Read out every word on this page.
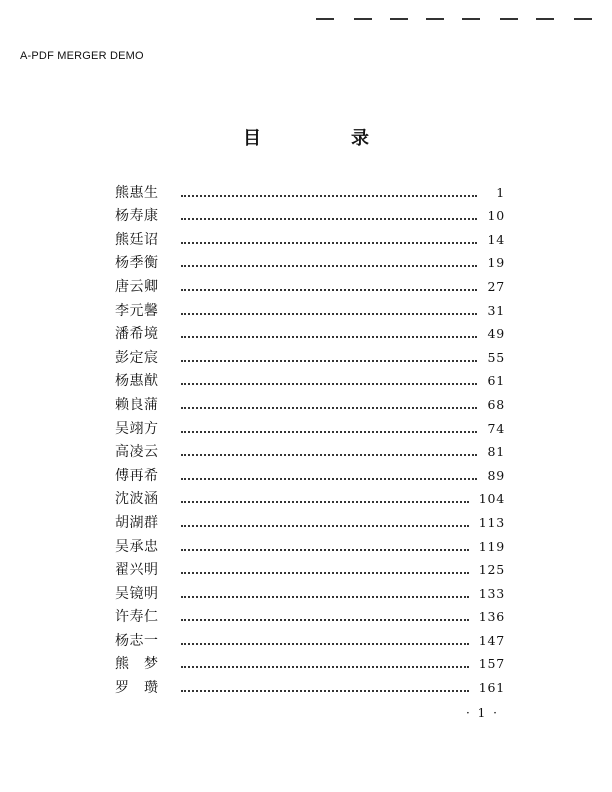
A-PDF MERGER DEMO
目　录
熊惠生	1
杨寿康	10
熊廷诏	14
杨季衡	19
唐云卿	27
李元馨	31
潘希境	49
彭定宸	55
杨惠猷	61
赖良蒲	68
吴翊方	74
高凌云	81
傅再希	89
沈波涵	104
胡湖群	113
吴承忠	119
翟兴明	125
吴镜明	133
许寿仁	136
杨志一	147
熊　梦	157
罗　瓒	161
· 1 ·
